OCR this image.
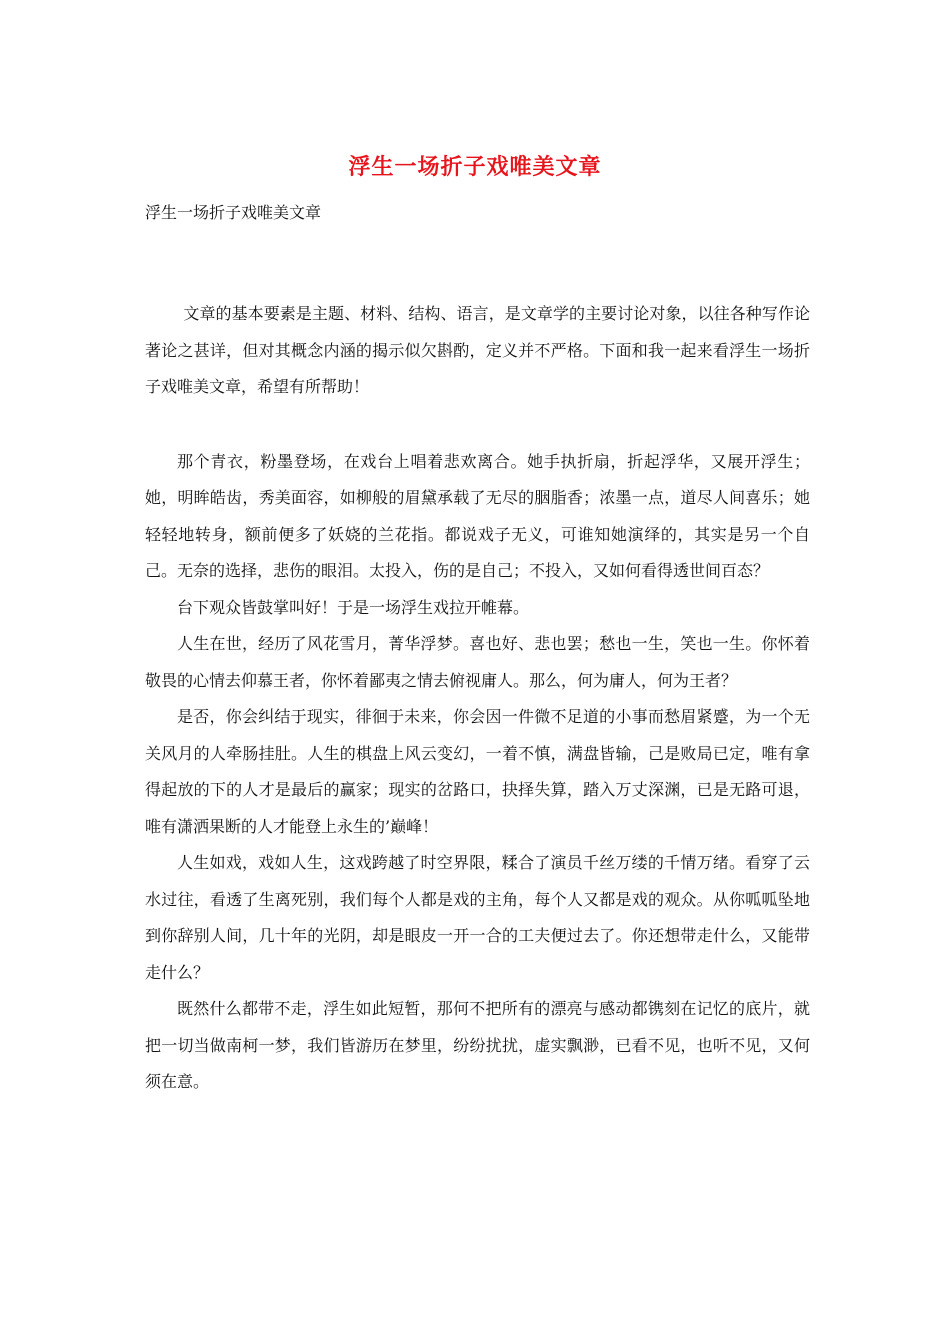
浮生一场折子戏唯美文章
浮生一场折子戏唯美文章

文章的基本要素是主题、材料、结构、语言，是文章学的主要讨论对象，以往各种写作论著论之甚详，但对其概念内涵的揭示似欠斟酌，定义并不严格。下面和我一起来看浮生一场折子戏唯美文章，希望有所帮助！

那个青衣，粉墨登场，在戏台上唱着悲欢离合。她手执折扇，折起浮华，又展开浮生；她，明眸皓齿，秀美面容，如柳般的眉黛承载了无尽的胭脂香；浓墨一点，道尽人间喜乐；她轻轻地转身，额前便多了妖娆的兰花指。都说戏子无义，可谁知她演绎的，其实是另一个自己。无奈的选择，悲伤的眼泪。太投入，伤的是自己；不投入，又如何看得透世间百态？

台下观众皆鼓掌叫好！于是一场浮生戏拉开帷幕。

人生在世，经历了风花雪月，菁华浮梦。喜也好、悲也罢；愁也一生，笑也一生。你怀着敬畏的心情去仰慕王者，你怀着鄙夷之情去俯视庸人。那么，何为庸人，何为王者？

是否，你会纠结于现实，徘徊于未来，你会因一件微不足道的小事而愁眉紧蹙，为一个无关风月的人牵肠挂肚。人生的棋盘上风云变幻，一着不慎，满盘皆输，己是败局已定，唯有拿得起放的下的人才是最后的赢家；现实的岔路口，抉择失算，踏入万丈深渊，已是无路可退，唯有潇洒果断的人才能登上永生的’巅峰！

人生如戏，戏如人生，这戏跨越了时空界限，糅合了演员千丝万缕的千情万绪。看穿了云水过往，看透了生离死别，我们每个人都是戏的主角，每个人又都是戏的观众。从你呱呱坠地到你辞别人间，几十年的光阴，却是眼皮一开一合的工夫便过去了。你还想带走什么，又能带走什么？

既然什么都带不走，浮生如此短暂，那何不把所有的漂亮与感动都镌刻在记忆的底片，就把一切当做南柯一梦，我们皆游历在梦里，纷纷扰扰，虚实飘渺，已看不见，也听不见，又何须在意。
